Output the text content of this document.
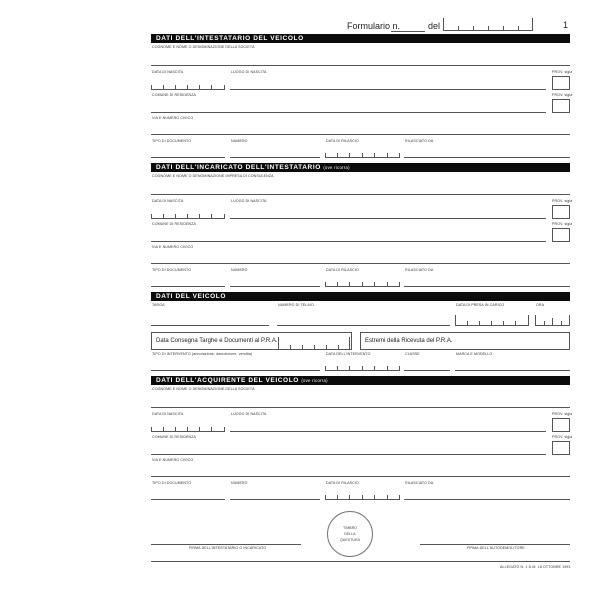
Formulario n.	del	1
DATI DELL'INTESTATARIO DEL VEICOLO
COGNOME E NOME O DENOMINAZIONE DELLA SOCIETÀ
DATA DI NASCITA	LUOGO DI NASCITA	PROV. sigla
COMUNE DI RESIDENZA	PROV. sigla
VIA E NUMERO CIVICO
TIPO DI DOCUMENTO	NUMERO	DATA DI RILASCIO	RILASCIATO DA
DATI DELL'INCARICATO DELL'INTESTATARIO (ove ricorra)
COGNOME E NOME O DENOMINAZIONE IMPRESA DI CONSULENZA
DATA DI NASCITA	LUOGO DI NASCITA	PROV. sigla
COMUNE DI RESIDENZA	PROV. sigla
VIA E NUMERO CIVICO
TIPO DI DOCUMENTO	NUMERO	DATA DI RILASCIO	RILASCIATO DA
DATI DEL VEICOLO
TARGA	NUMERO DI TELAIO	DATA DI PRESA IN CARICO	ORA
Data Consegna Targhe e Documenti al P.R.A.	Estremi della Ricevuta del P.R.A.
TIPO DI INTERVENTO (annotazione, demolizione, vendita)	DATA DELL'INTERVENTO	CLASSE	MARCA E MODELLO
DATI DELL'ACQUIRENTE DEL VEICOLO (ove ricorra)
COGNOME E NOME O DENOMINAZIONE DELLA SOCIETÀ
DATA DI NASCITA	LUOGO DI NASCITA	PROV. sigla
COMUNE DI RESIDENZA	PROV. sigla
VIA E NUMERO CIVICO
TIPO DI DOCUMENTO	NUMERO	DATA DI RILASCIO	RILASCIATO DA
TIMBRO
DELLA
QUESTURA
FIRMA DELL'INTESTATARIO O INCARICATO	FIRMA DELL'AUTODEMOLITORE
ALLEGATO N. 1 D.M. 18 OTTOBRE 1993
